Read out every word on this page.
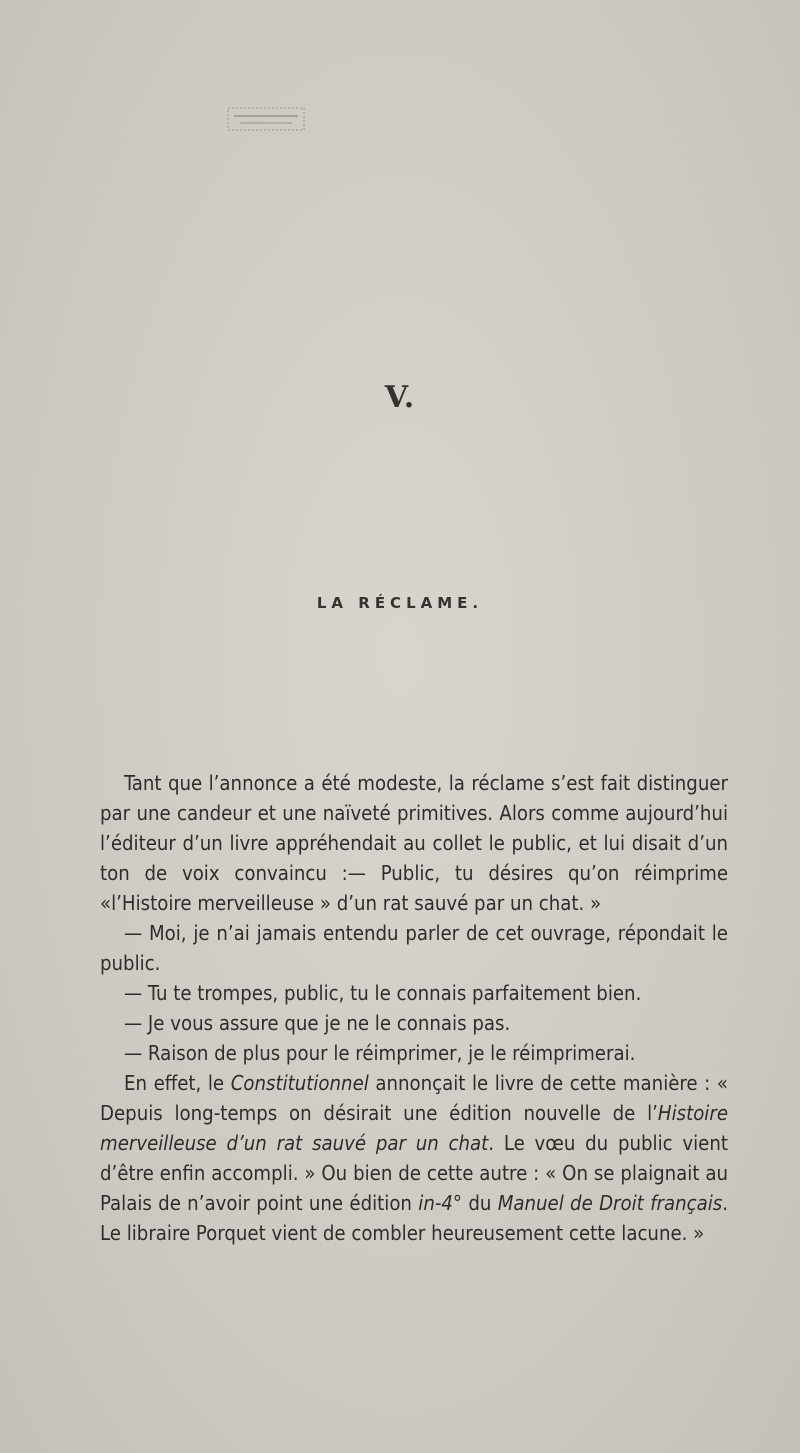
V.
LA RÉCLAME.

Tant que l’annonce a été modeste, la réclame s’est fait distinguer par une candeur et une naïveté primitives. Alors comme aujourd’hui l’éditeur d’un livre appréhendait au collet le public, et lui disait d’un ton de voix convaincu :— Public, tu désires qu’on réimprime «l’Histoire merveilleuse » d’un rat sauvé par un chat. »

— Moi, je n’ai jamais entendu parler de cet ouvrage, répondait le public.

— Tu te trompes, public, tu le connais parfaitement bien.

— Je vous assure que je ne le connais pas.

— Raison de plus pour le réimprimer, je le réimprimerai.

En effet, le Constitutionnel annonçait le livre de cette manière : « Depuis long-temps on désirait une édition nouvelle de l’Histoire merveilleuse d’un rat sauvé par un chat. Le vœu du public vient d’être enfin accompli. » Ou bien de cette autre : « On se plaignait au Palais de n’avoir point une édition in-4° du Manuel de Droit français. Le libraire Porquet vient de combler heureusement cette lacune. »
